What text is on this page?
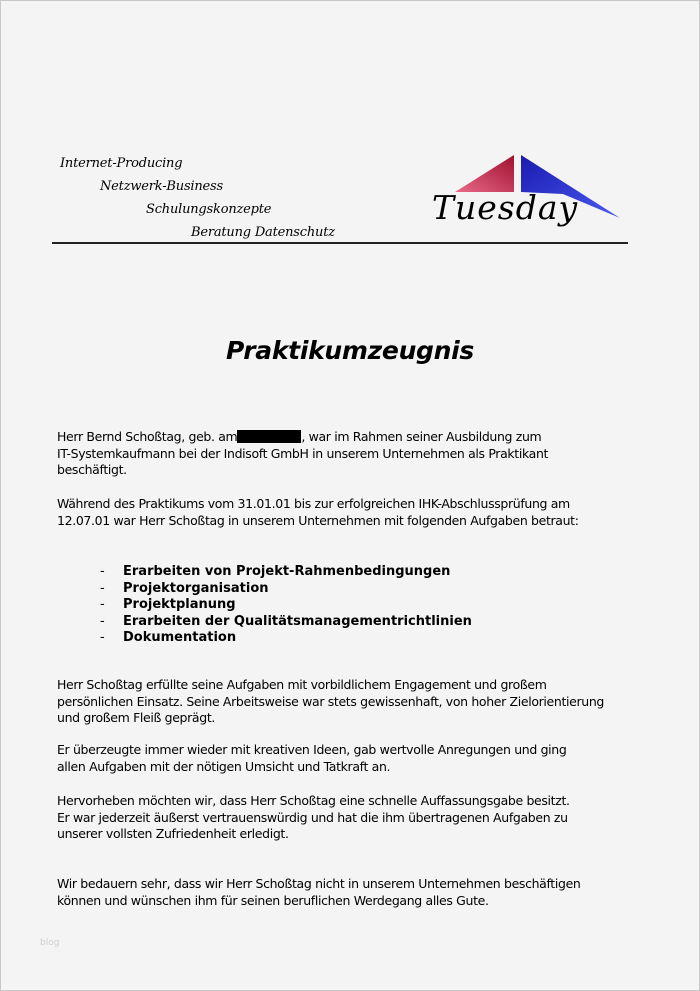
Internet-Producing
Netzwerk-Business
Schulungskonzepte
Beratung Datenschutz
Tuesday
Praktikumzeugnis
Herr Bernd Schoßtag, geb. am	, war im Rahmen seiner Ausbildung zum
IT-Systemkaufmann bei der Indisoft GmbH in unserem Unternehmen als Praktikant
beschäftigt.
Während des Praktikums vom 31.01.01 bis zur erfolgreichen IHK-Abschlussprüfung am
12.07.01 war Herr Schoßtag in unserem Unternehmen mit folgenden Aufgaben betraut:
- Erarbeiten von Projekt-Rahmenbedingungen
- Projektorganisation
- Projektplanung
- Erarbeiten der Qualitätsmanagementrichtlinien
- Dokumentation
Herr Schoßtag erfüllte seine Aufgaben mit vorbildlichem Engagement und großem
persönlichen Einsatz. Seine Arbeitsweise war stets gewissenhaft, von hoher Zielorientierung
und großem Fleiß geprägt.
Er überzeugte immer wieder mit kreativen Ideen, gab wertvolle Anregungen und ging
allen Aufgaben mit der nötigen Umsicht und Tatkraft an.
Hervorheben möchten wir, dass Herr Schoßtag eine schnelle Auffassungsgabe besitzt.
Er war jederzeit äußerst vertrauenswürdig und hat die ihm übertragenen Aufgaben zu
unserer vollsten Zufriedenheit erledigt.
Wir bedauern sehr, dass wir Herr Schoßtag nicht in unserem Unternehmen beschäftigen
können und wünschen ihm für seinen beruflichen Werdegang alles Gute.
blog
